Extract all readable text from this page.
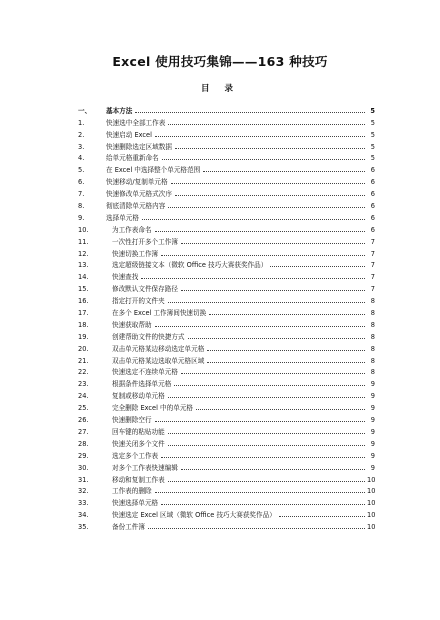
Excel 使用技巧集锦——163 种技巧
目 录
一、	基本方法	5
1.	快速选中全部工作表	5
2.	快速启动 Excel	5
3.	快速删除选定区域数据	5
4.	给单元格重新命名	5
5.	在 Excel 中选择整个单元格范围	6
6.	快速移动/复制单元格	6
7.	快速修改单元格式次序	6
8.	彻底清除单元格内容	6
9.	选择单元格	6
10.	为工作表命名	6
11.	一次性打开多个工作簿	7
12.	快速切换工作簿	7
13.	选定超级链接文本（微软 Office 技巧大赛获奖作品）	7
14.	快速查找	7
15.	修改默认文件保存路径	7
16.	指定打开的文件夹	8
17.	在多个 Excel 工作簿间快速切换	8
18.	快速获取帮助	8
19.	创建帮助文件的快捷方式	8
20.	双击单元格某边移动选定单元格	8
21.	双击单元格某边选取单元格区域	8
22.	快速选定不连续单元格	8
23.	根据条件选择单元格	9
24.	复制或移动单元格	9
25.	完全删除 Excel 中的单元格	9
26.	快速删除空行	9
27.	回车键的粘贴功能	9
28.	快速关闭多个文件	9
29.	选定多个工作表	9
30.	对多个工作表快速编辑	9
31.	移动和复制工作表	10
32.	工作表的删除	10
33.	快速选择单元格	10
34.	快速选定 Excel 区域（微软 Office 技巧大赛获奖作品）	10
35.	备份工件簿	10
